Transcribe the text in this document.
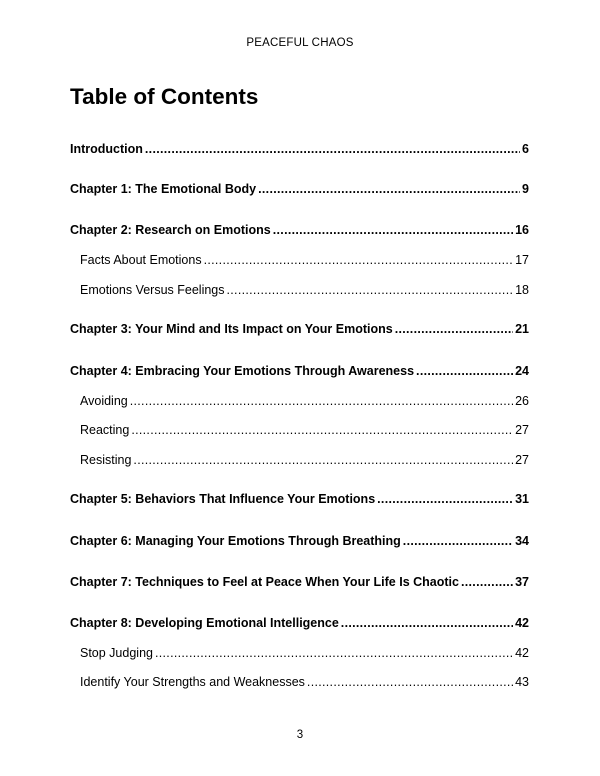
PEACEFUL CHAOS
Table of Contents
Introduction .....	6
Chapter 1: The Emotional Body .....	9
Chapter 2: Research on Emotions .....	16
Facts About Emotions .....	17
Emotions Versus Feelings .....	18
Chapter 3: Your Mind and Its Impact on Your Emotions .....	21
Chapter 4: Embracing Your Emotions Through Awareness .....	24
Avoiding .....	26
Reacting .....	27
Resisting .....	27
Chapter 5: Behaviors That Influence Your Emotions .....	31
Chapter 6: Managing Your Emotions Through Breathing .....	34
Chapter 7: Techniques to Feel at Peace When Your Life Is Chaotic .....	37
Chapter 8: Developing Emotional Intelligence .....	42
Stop Judging .....	42
Identify Your Strengths and Weaknesses .....	43
3
